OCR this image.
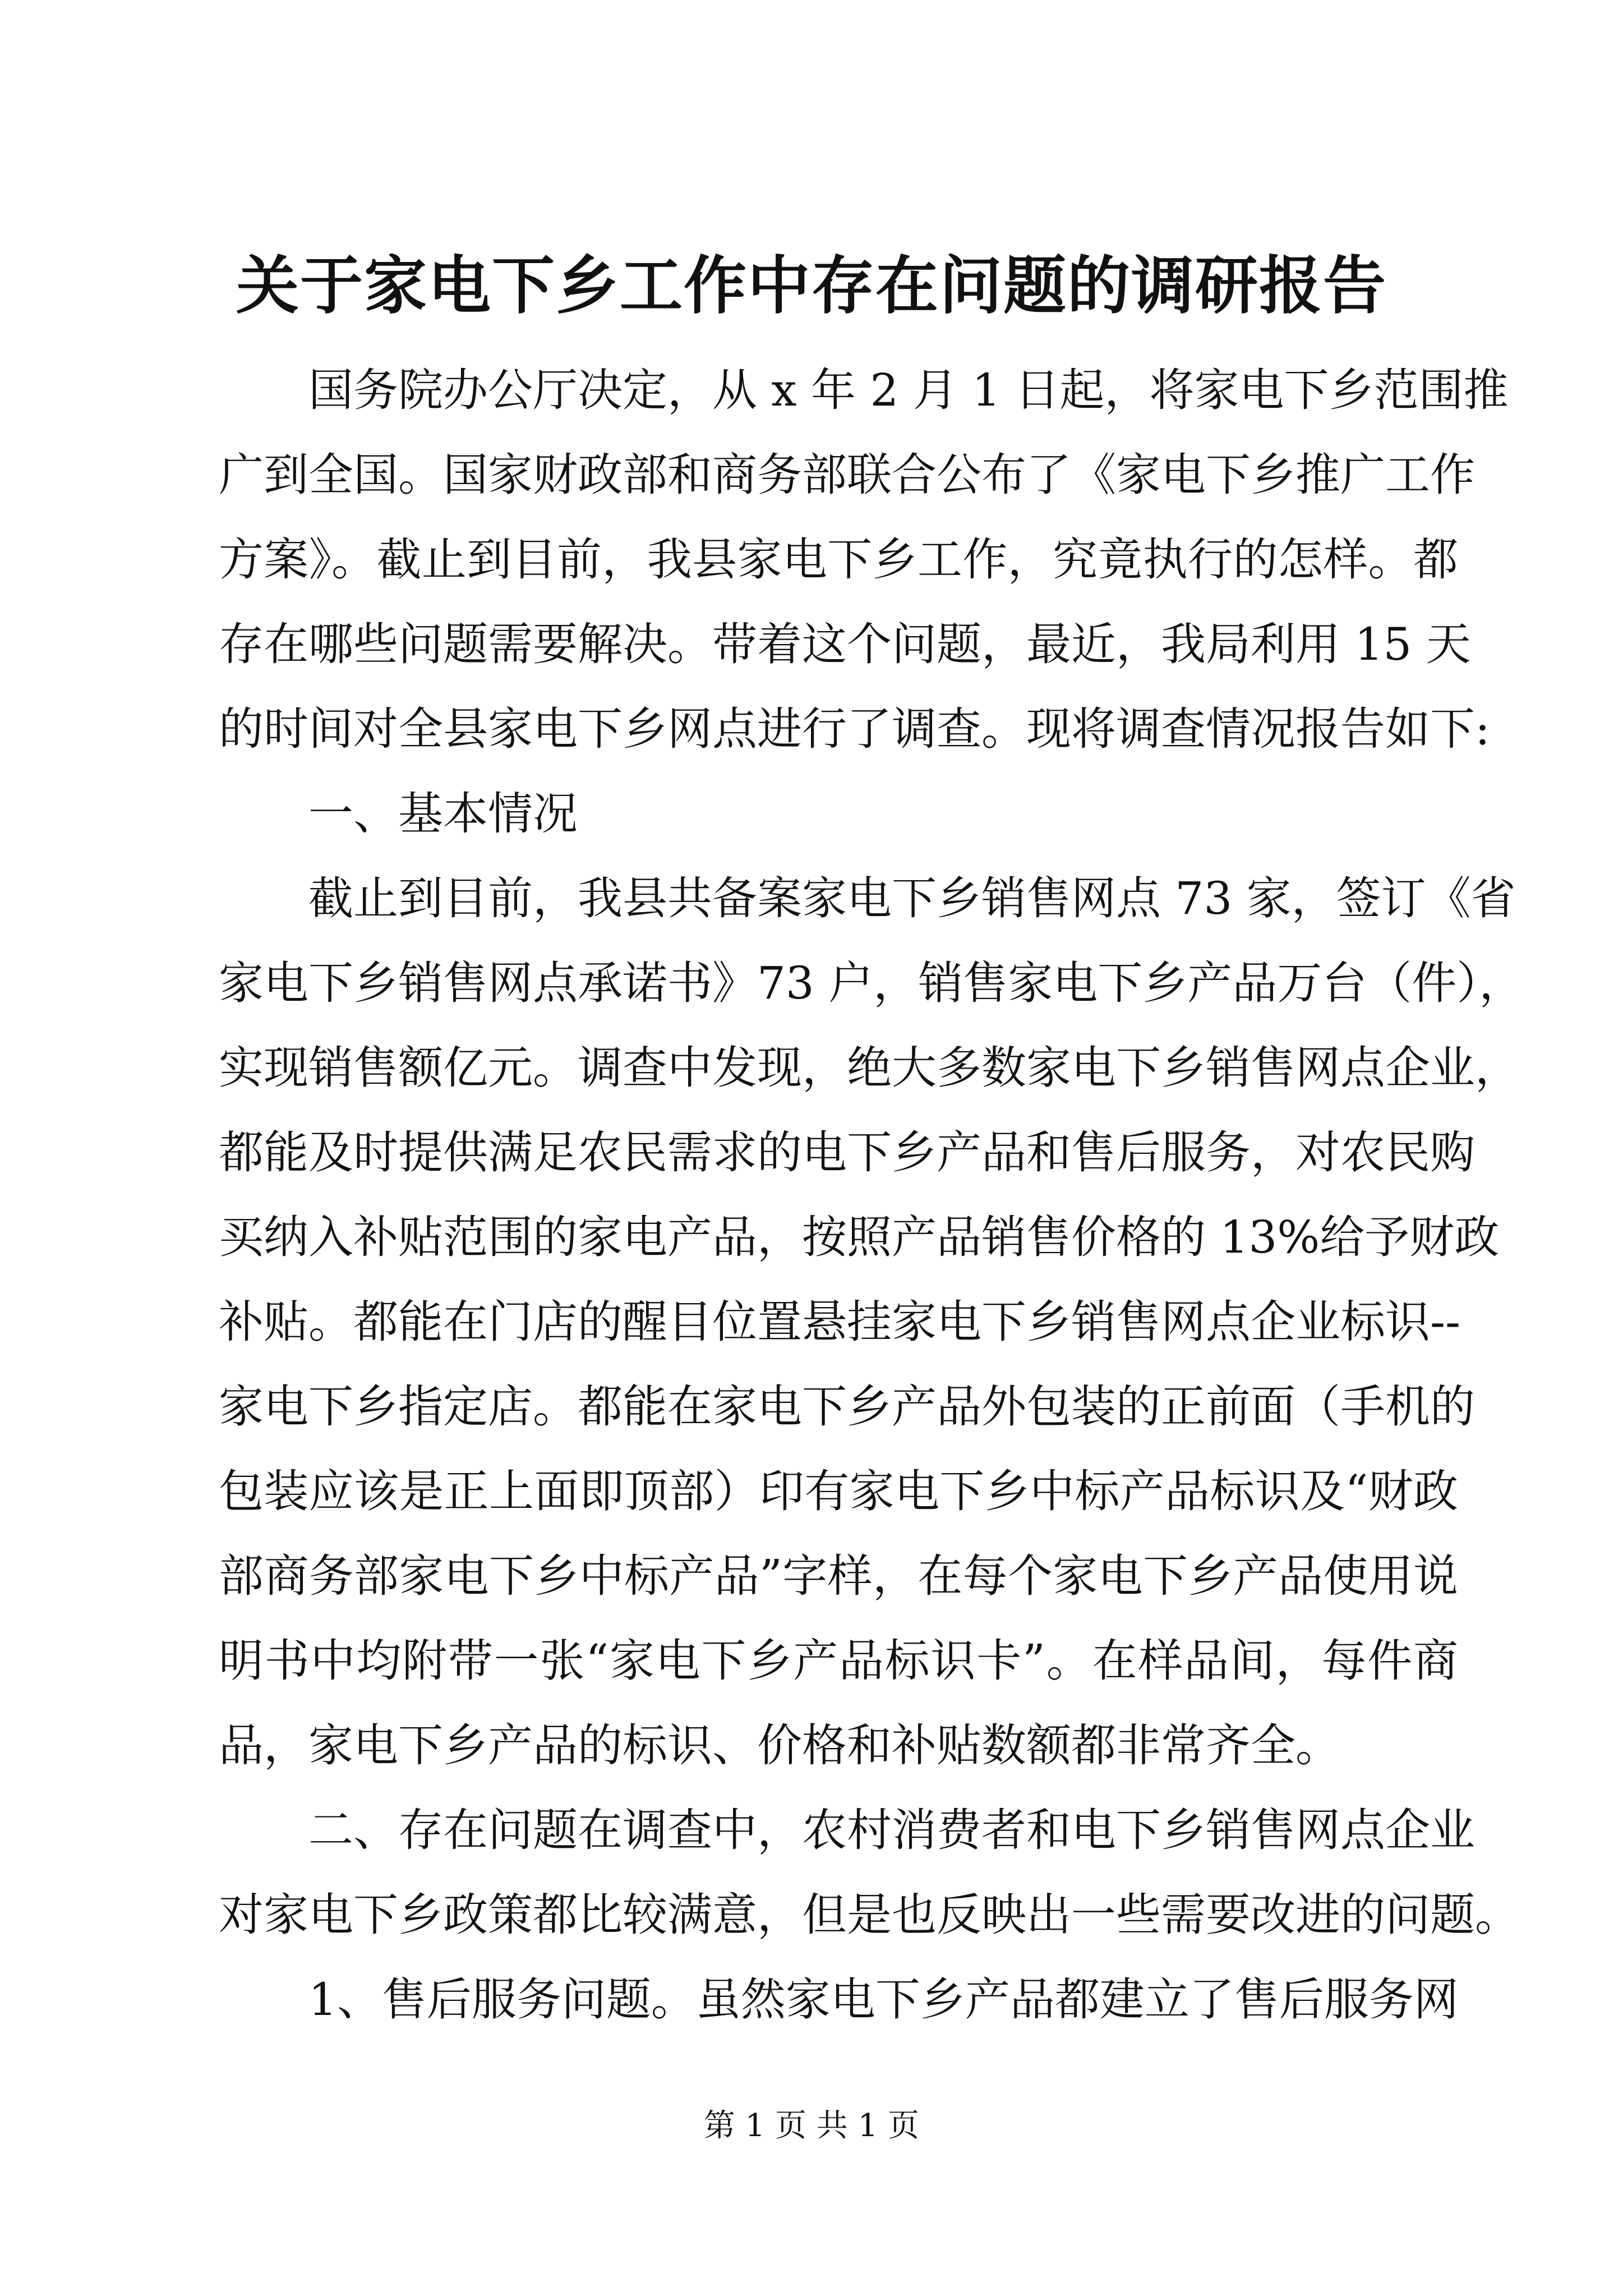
关于家电下乡工作中存在问题的调研报告
国务院办公厅决定，从 x 年 2 月 1 日起，将家电下乡范围推
广到全国。国家财政部和商务部联合公布了《家电下乡推广工作
方案》。截止到目前，我县家电下乡工作，究竟执行的怎样。都
存在哪些问题需要解决。带着这个问题，最近，我局利用 15 天
的时间对全县家电下乡网点进行了调查。现将调查情况报告如下:
一、基本情况
截止到目前，我县共备案家电下乡销售网点 73 家，签订《省
家电下乡销售网点承诺书》73 户，销售家电下乡产品万台（件），
实现销售额亿元。调查中发现，绝大多数家电下乡销售网点企业，
都能及时提供满足农民需求的电下乡产品和售后服务，对农民购
买纳入补贴范围的家电产品，按照产品销售价格的 13%给予财政
补贴。都能在门店的醒目位置悬挂家电下乡销售网点企业标识--
家电下乡指定店。都能在家电下乡产品外包装的正前面（手机的
包装应该是正上面即顶部）印有家电下乡中标产品标识及“财政
部商务部家电下乡中标产品”字样，在每个家电下乡产品使用说
明书中均附带一张“家电下乡产品标识卡”。在样品间，每件商
品，家电下乡产品的标识、价格和补贴数额都非常齐全。
二、存在问题在调查中，农村消费者和电下乡销售网点企业
对家电下乡政策都比较满意，但是也反映出一些需要改进的问题。
1、售后服务问题。虽然家电下乡产品都建立了售后服务网
第 1 页 共 1 页
